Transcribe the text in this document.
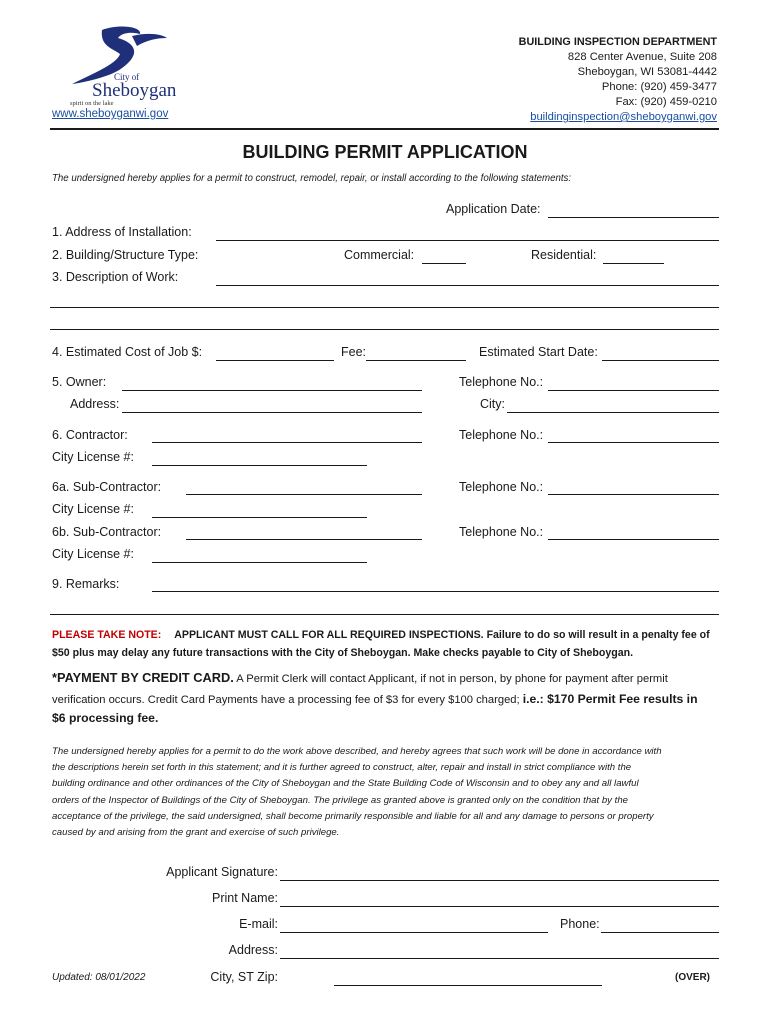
City of
Sheboygan
spirit on the lake
www.sheboyganwi.gov
BUILDING INSPECTION DEPARTMENT
828 Center Avenue, Suite 208
Sheboygan, WI 53081-4442
Phone: (920) 459-3477
Fax: (920) 459-0210
buildinginspection@sheboyganwi.gov
BUILDING PERMIT APPLICATION
The undersigned hereby applies for a permit to construct, remodel, repair, or install according to the following statements:
Application Date:
1. Address of Installation:
2. Building/Structure Type:	Commercial:	Residential:
3. Description of Work:
4. Estimated Cost of Job $:	Fee:	Estimated Start Date:
5. Owner:	Telephone No.:
Address:	City:
6. Contractor:	Telephone No.:
City License #:
6a. Sub-Contractor:	Telephone No.:
City License #:
6b. Sub-Contractor:	Telephone No.:
City License #:
9. Remarks:
PLEASE TAKE NOTE: APPLICANT MUST CALL FOR ALL REQUIRED INSPECTIONS. Failure to do so will result in a penalty fee of
$50 plus may delay any future transactions with the City of Sheboygan. Make checks payable to City of Sheboygan.
*PAYMENT BY CREDIT CARD. A Permit Clerk will contact Applicant, if not in person, by phone for payment after permit
verification occurs. Credit Card Payments have a processing fee of $3 for every $100 charged; i.e.: $170 Permit Fee results in
$6 processing fee.
The undersigned hereby applies for a permit to do the work above described, and hereby agrees that such work will be done in accordance with
the descriptions herein set forth in this statement; and it is further agreed to construct, alter, repair and install in strict compliance with the
building ordinance and other ordinances of the City of Sheboygan and the State Building Code of Wisconsin and to obey any and all lawful
orders of the Inspector of Buildings of the City of Sheboygan. The privilege as granted above is granted only on the condition that by the
acceptance of the privilege, the said undersigned, shall become primarily responsible and liable for all and any damage to persons or property
caused by and arising from the grant and exercise of such privilege.
Applicant Signature:
Print Name:
E-mail:	Phone:
Address:
City, ST Zip:
Updated: 08/01/2022	(OVER)
